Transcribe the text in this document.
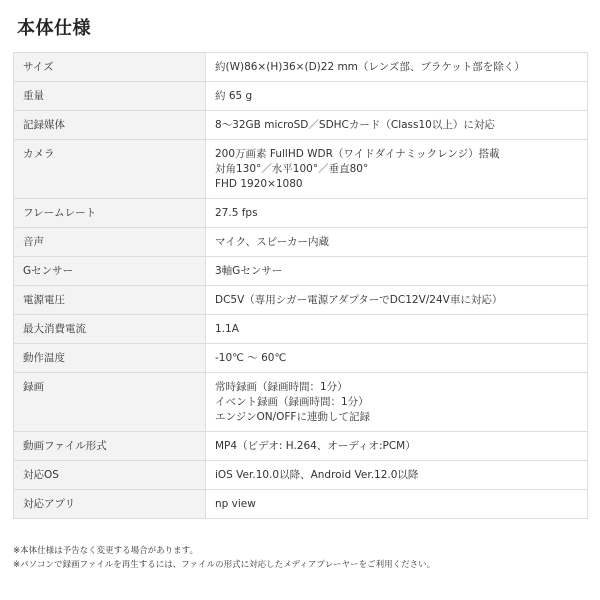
本体仕様
サイズ	約(W)86×(H)36×(D)22 mm（レンズ部、ブラケット部を除く）

重量	約 65 g

記録媒体	8～32GB microSD／SDHCカード（Class10以上）に対応

カメラ	200万画素 FullHD WDR（ワイドダイナミックレンジ）搭載
対角130°／水平100°／垂直80°
FHD 1920×1080

フレームレート	27.5 fps

音声	マイク、スピーカー内蔵

Gセンサー	3軸Gセンサー

電源電圧	DC5V（専用シガー電源アダプターでDC12V/24V車に対応）

最大消費電流	1.1A

動作温度	-10℃ ～ 60℃

録画	常時録画（録画時間：1分）
イベント録画（録画時間：1分）
エンジンON/OFFに連動して記録

動画ファイル形式	MP4（ビデオ: H.264、オーディオ:PCM）

対応OS	iOS Ver.10.0以降、Android Ver.12.0以降

対応アプリ	np view
※本体仕様は予告なく変更する場合があります。
※パソコンで録画ファイルを再生するには、ファイルの形式に対応したメディアプレーヤーをご利用ください。
